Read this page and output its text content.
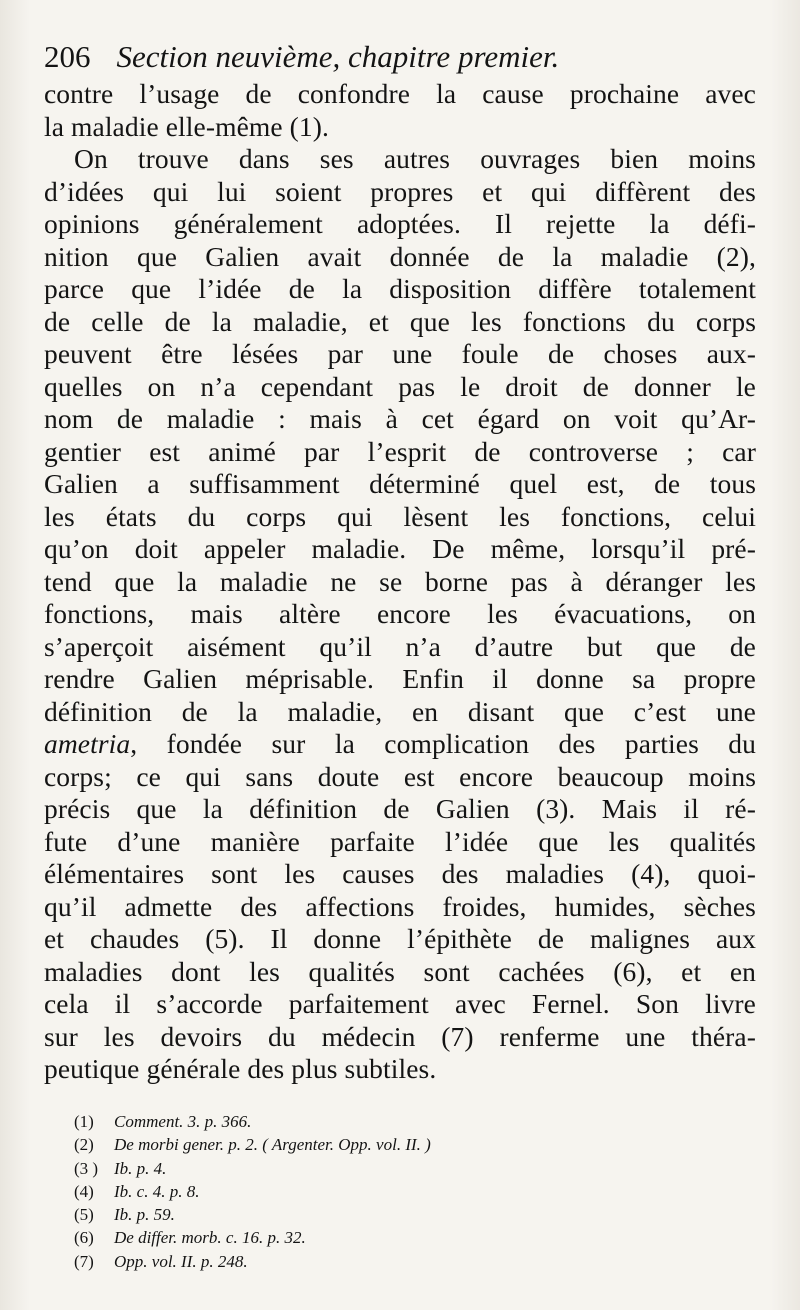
206 Section neuvième, chapitre premier.
contre l’usage de confondre la cause prochaine avec
la maladie elle-même (1).
On trouve dans ses autres ouvrages bien moins
d’idées qui lui soient propres et qui diffèrent des
opinions généralement adoptées. Il rejette la défi-
nition que Galien avait donnée de la maladie (2),
parce que l’idée de la disposition diffère totalement
de celle de la maladie, et que les fonctions du corps
peuvent être lésées par une foule de choses aux-
quelles on n’a cependant pas le droit de donner le
nom de maladie : mais à cet égard on voit qu’Ar-
gentier est animé par l’esprit de controverse ; car
Galien a suffisamment déterminé quel est, de tous
les états du corps qui lèsent les fonctions, celui
qu’on doit appeler maladie. De même, lorsqu’il pré-
tend que la maladie ne se borne pas à déranger les
fonctions, mais altère encore les évacuations, on
s’aperçoit aisément qu’il n’a d’autre but que de
rendre Galien méprisable. Enfin il donne sa propre
définition de la maladie, en disant que c’est une
ametria, fondée sur la complication des parties du
corps; ce qui sans doute est encore beaucoup moins
précis que la définition de Galien (3). Mais il ré-
fute d’une manière parfaite l’idée que les qualités
élémentaires sont les causes des maladies (4), quoi-
qu’il admette des affections froides, humides, sèches
et chaudes (5). Il donne l’épithète de malignes aux
maladies dont les qualités sont cachées (6), et en
cela il s’accorde parfaitement avec Fernel. Son livre
sur les devoirs du médecin (7) renferme une théra-
peutique générale des plus subtiles.
(1) Comment. 3. p. 366.
(2) De morbi gener. p. 2. ( Argenter. Opp. vol. II. )
(3 ) Ib. p. 4.
(4) Ib. c. 4. p. 8.
(5) Ib. p. 59.
(6) De differ. morb. c. 16. p. 32.
(7) Opp. vol. II. p. 248.
